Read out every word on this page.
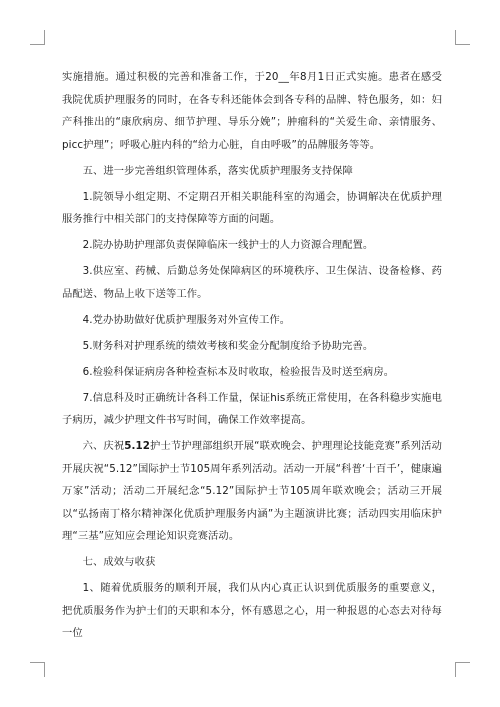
实施措施。通过积极的完善和准备工作，于20__年8月1日正式实施。患者在感受我院优质护理服务的同时，在各专科还能体会到各专科的品牌、特色服务，如：妇产科推出的“康欣病房、细节护理、导乐分娩”；肿瘤科的“关爱生命、亲情服务、picc护理”；呼吸心脏内科的“给力心脏，自由呼吸”的品牌服务等等。

五、进一步完善组织管理体系，落实优质护理服务支持保障

1.院领导小组定期、不定期召开相关职能科室的沟通会，协调解决在优质护理服务推行中相关部门的支持保障等方面的问题。

2.院办协助护理部负责保障临床一线护士的人力资源合理配置。

3.供应室、药械、后勤总务处保障病区的环境秩序、卫生保洁、设备检修、药品配送、物品上收下送等工作。

4.党办协助做好优质护理服务对外宣传工作。

5.财务科对护理系统的绩效考核和奖金分配制度给予协助完善。

6.检验科保证病房各种检查标本及时收取，检验报告及时送至病房。

7.信息科及时正确统计各科工作量，保证his系统正常使用，在各科稳步实施电子病历，减少护理文件书写时间，确保工作效率提高。

六、庆祝5.12护士节护理部组织开展“联欢晚会、护理理论技能竞赛”系列活动开展庆祝“5.12”国际护士节105周年系列活动。活动一开展“科普‘十百千’，健康遍万家”活动；活动二开展纪念“5.12”国际护士节105周年联欢晚会；活动三开展以“弘扬南丁格尔精神深化优质护理服务内涵”为主题演讲比赛；活动四实用临床护理“三基”应知应会理论知识竞赛活动。

七、成效与收获

1、随着优质服务的顺利开展，我们从内心真正认识到优质服务的重要意义，把优质服务作为护士们的天职和本分，怀有感恩之心，用一种报恩的心态去对待每一位
